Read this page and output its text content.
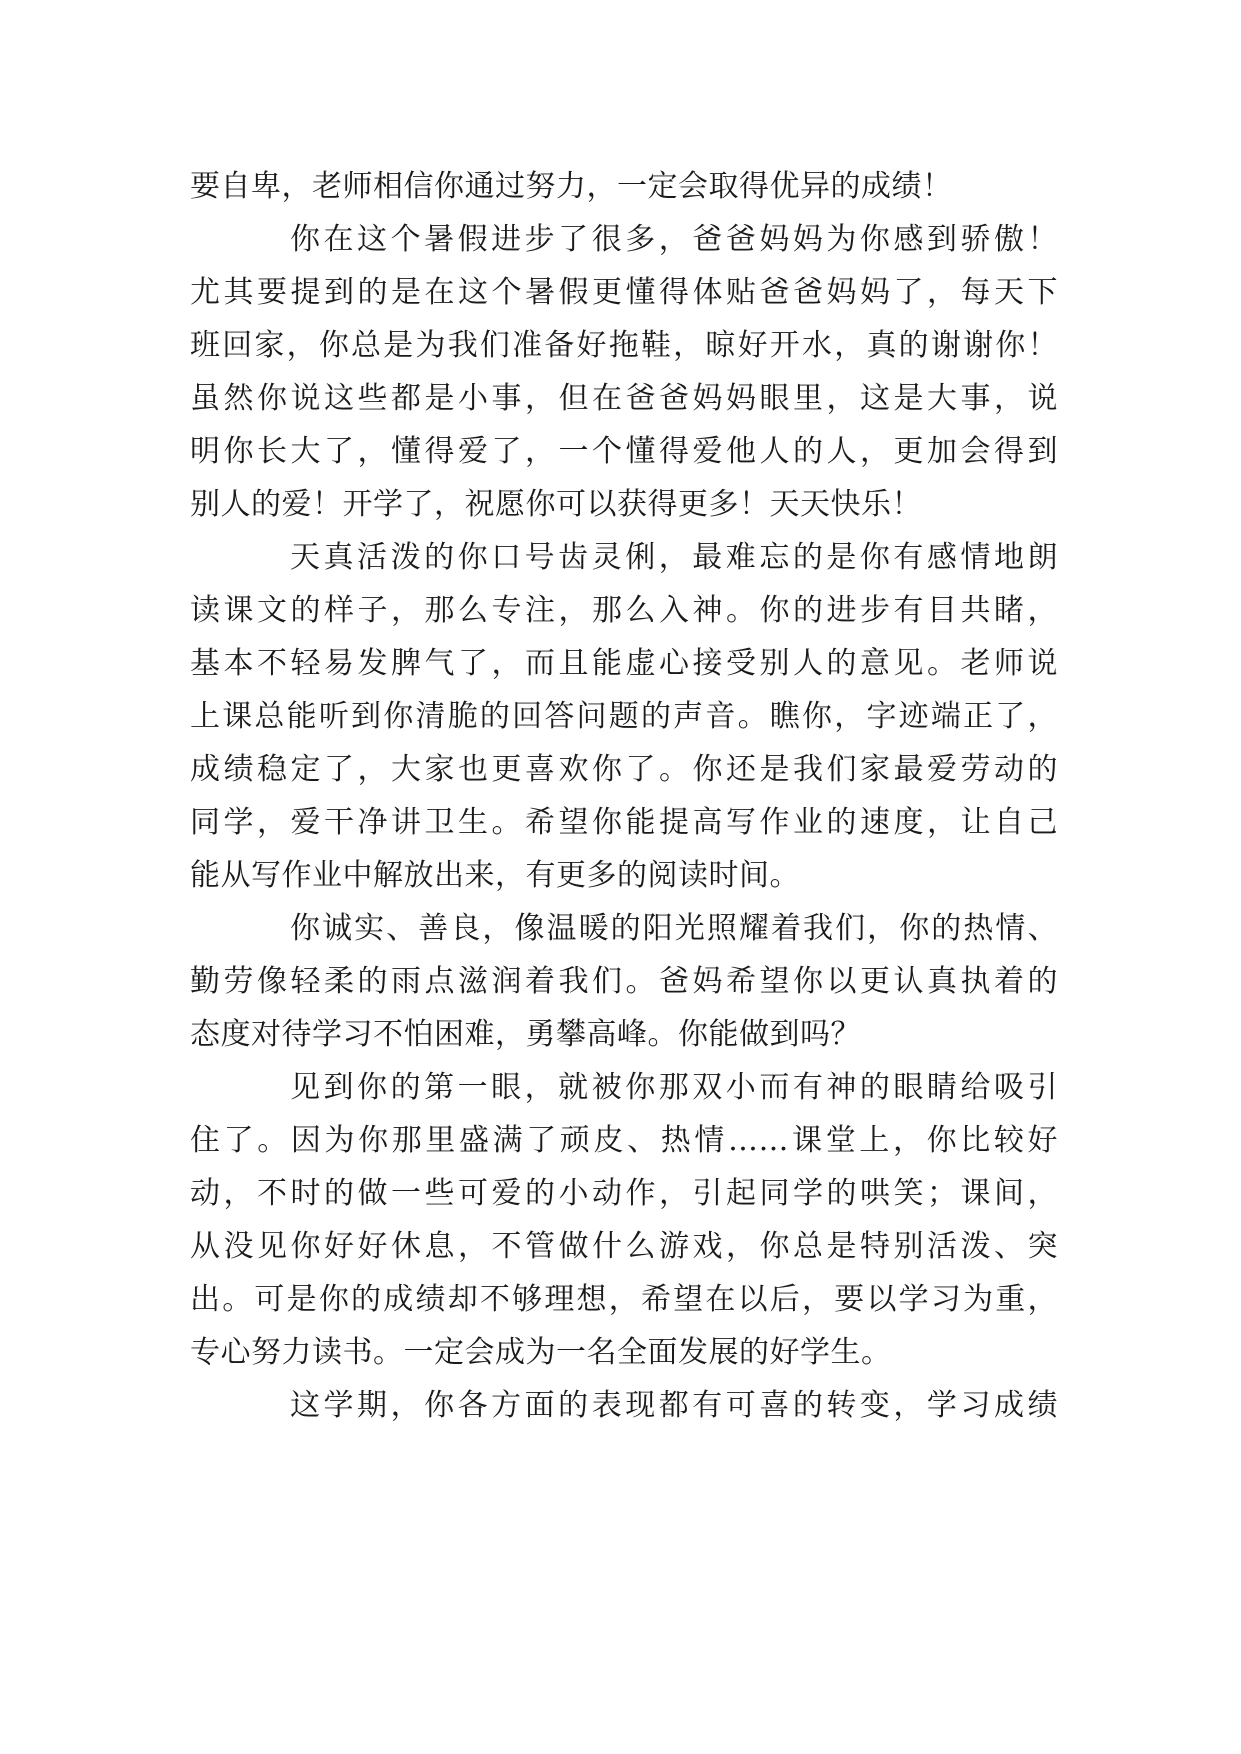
要自卑，老师相信你通过努力，一定会取得优异的成绩！
你在这个暑假进步了很多，爸爸妈妈为你感到骄傲！
尤其要提到的是在这个暑假更懂得体贴爸爸妈妈了，每天下
班回家，你总是为我们准备好拖鞋，晾好开水，真的谢谢你！
虽然你说这些都是小事，但在爸爸妈妈眼里，这是大事，说
明你长大了，懂得爱了，一个懂得爱他人的人，更加会得到
别人的爱！开学了，祝愿你可以获得更多！天天快乐！
天真活泼的你口号齿灵俐，最难忘的是你有感情地朗
读课文的样子，那么专注，那么入神。你的进步有目共睹，
基本不轻易发脾气了，而且能虚心接受别人的意见。老师说
上课总能听到你清脆的回答问题的声音。瞧你，字迹端正了，
成绩稳定了，大家也更喜欢你了。你还是我们家最爱劳动的
同学，爱干净讲卫生。希望你能提高写作业的速度，让自己
能从写作业中解放出来，有更多的阅读时间。
你诚实、善良，像温暖的阳光照耀着我们，你的热情、
勤劳像轻柔的雨点滋润着我们。爸妈希望你以更认真执着的
态度对待学习不怕困难，勇攀高峰。你能做到吗？
见到你的第一眼，就被你那双小而有神的眼睛给吸引
住了。因为你那里盛满了顽皮、热情……课堂上，你比较好
动，不时的做一些可爱的小动作，引起同学的哄笑；课间，
从没见你好好休息，不管做什么游戏，你总是特别活泼、突
出。可是你的成绩却不够理想，希望在以后，要以学习为重，
专心努力读书。一定会成为一名全面发展的好学生。
这学期，你各方面的表现都有可喜的转变，学习成绩
